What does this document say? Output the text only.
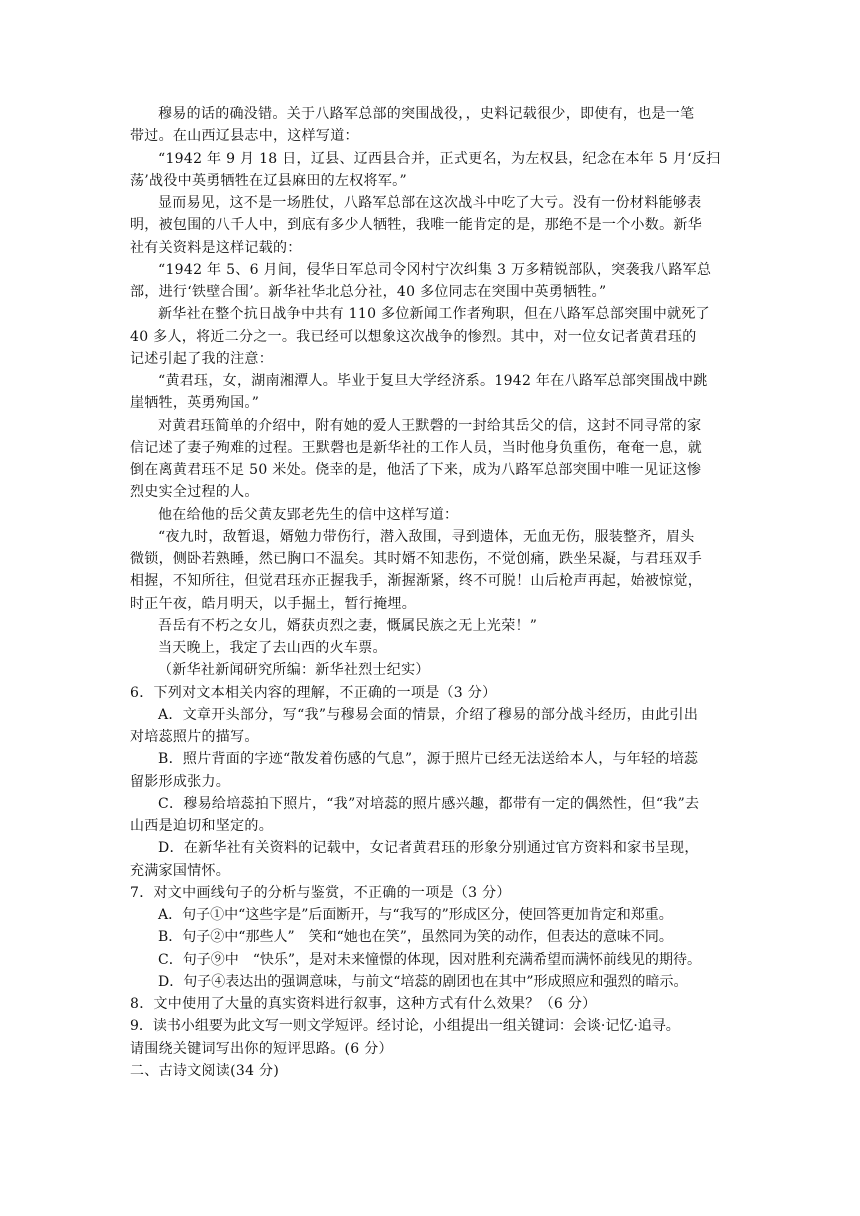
穆易的话的确没错。关于八路军总部的突围战役，，史料记载很少，即使有，也是一笔
带过。在山西辽县志中，这样写道：
“1942 年 9 月 18 日，辽县、辽西县合并，正式更名，为左权县，纪念在本年 5 月‘反扫
荡’战役中英勇牺牲在辽县麻田的左权将军。”
显而易见，这不是一场胜仗，八路军总部在这次战斗中吃了大亏。没有一份材料能够表
明，被包围的八千人中，到底有多少人牺牲，我唯一能肯定的是，那绝不是一个小数。新华
社有关资料是这样记载的：
“1942 年 5、6 月间，侵华日军总司令冈村宁次纠集 3 万多精锐部队，突袭我八路军总
部，进行‘铁壁合围’。新华社华北总分社，40 多位同志在突围中英勇牺牲。”
新华社在整个抗日战争中共有 110 多位新闻工作者殉职，但在八路军总部突围中就死了
40 多人，将近二分之一。我已经可以想象这次战争的惨烈。其中，对一位女记者黄君珏的
记述引起了我的注意：
“黄君珏，女，湖南湘潭人。毕业于复旦大学经济系。1942 年在八路军总部突围战中跳
崖牺牲，英勇殉国。”
对黄君珏简单的介绍中，附有她的爱人王默磬的一封给其岳父的信，这封不同寻常的家
信记述了妻子殉难的过程。王默磬也是新华社的工作人员，当时他身负重伤，奄奄一息，就
倒在离黄君珏不足 50 米处。侥幸的是，他活了下来，成为八路军总部突围中唯一见证这惨
烈史实全过程的人。
他在给他的岳父黄友郢老先生的信中这样写道：
“夜九时，敌暂退，婿勉力带伤行，潜入敌围，寻到遗体，无血无伤，服装整齐，眉头
微锁，侧卧若熟睡，然已胸口不温矣。其时婿不知悲伤，不觉创痛，跌坐呆凝，与君珏双手
相握，不知所往，但觉君珏亦正握我手，渐握渐紧，终不可脱！山后枪声再起，始被惊觉，
时正午夜，皓月明天，以手掘土，暂行掩埋。
吾岳有不朽之女儿，婿获贞烈之妻，慨属民族之无上光荣！”
当天晚上，我定了去山西的火车票。
（新华社新闻研究所编：新华社烈士纪实）
6．下列对文本相关内容的理解，不正确的一项是（3 分）
A．文章开头部分，写“我”与穆易会面的情景，介绍了穆易的部分战斗经历，由此引出
对培蕊照片的描写。
B．照片背面的字迹“散发着伤感的气息”，源于照片已经无法送给本人，与年轻的培蕊
留影形成张力。
C．穆易给培蕊拍下照片，“我”对培蕊的照片感兴趣，都带有一定的偶然性，但“我”去
山西是迫切和坚定的。
D．在新华社有关资料的记载中，女记者黄君珏的形象分别通过官方资料和家书呈现，
充满家国情怀。
7．对文中画线句子的分析与鉴赏，不正确的一项是（3 分）
A．句子①中“这些字是”后面断开，与“我写的”形成区分，使回答更加肯定和郑重。
B．句子②中“那些人”　笑和“她也在笑”，虽然同为笑的动作，但表达的意味不同。
C．句子⑨中　“快乐”，是对未来憧憬的体现，因对胜利充满希望而满怀前线见的期待。
D．句子④表达出的强调意味，与前文“培蕊的剧团也在其中”形成照应和强烈的暗示。
8．文中使用了大量的真实资料进行叙事，这种方式有什么效果？（6 分）
9．读书小组要为此文写一则文学短评。经讨论，小组提出一组关键词：会谈·记忆·追寻。
请围绕关键词写出你的短评思路。(6 分）
二、古诗文阅读(34 分)
